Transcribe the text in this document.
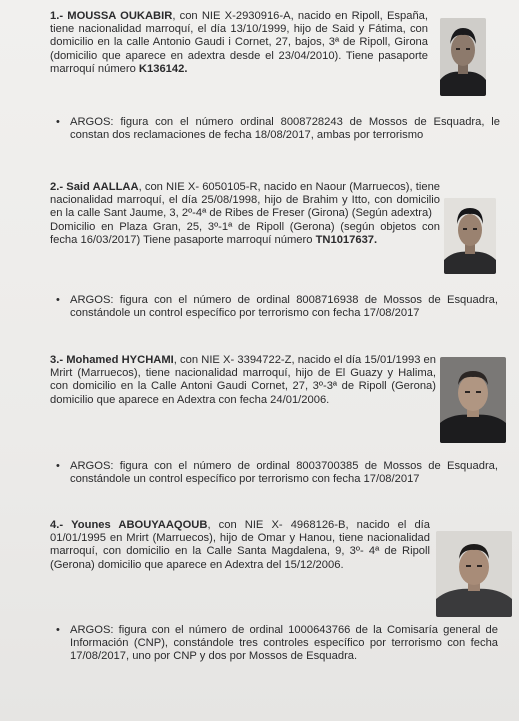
1.- MOUSSA OUKABIR, con NIE X-2930916-A, nacido en Ripoll, España, tiene nacionalidad marroquí, el día 13/10/1999, hijo de Said y Fátima, con domicilio en la calle Antonio Gaudi i Cornet, 27, bajos, 3ª de Ripoll, Girona (domicilio que aparece en adextra desde el 23/04/2010). Tiene pasaporte marroquí número K136142.

• ARGOS: figura con el número ordinal 8008728243 de Mossos de Esquadra, le constan dos reclamaciones de fecha 18/08/2017, ambas por terrorismo

2.- Said AALLAA, con NIE X- 6050105-R, nacido en Naour (Marruecos), tiene nacionalidad marroquí, el día 25/08/1998, hijo de Brahim y Itto, con domicilio en la calle Sant Jaume, 3, 2º-4ª de Ribes de Freser (Girona) (Según adextra)
Domicilio en Plaza Gran, 25, 3º-1ª de Ripoll (Gerona) (según objetos con fecha 16/03/2017) Tiene pasaporte marroquí número TN1017637.

• ARGOS: figura con el número de ordinal 8008716938 de Mossos de Esquadra, constándole un control específico por terrorismo con fecha 17/08/2017

3.- Mohamed HYCHAMI, con NIE X- 3394722-Z, nacido el día 15/01/1993 en Mrirt (Marruecos), tiene nacionalidad marroquí, hijo de El Guazy y Halima, con domicilio en la Calle Antoni Gaudi Cornet, 27, 3º-3ª de Ripoll (Gerona) domicilio que aparece en Adextra con fecha 24/01/2006.

• ARGOS: figura con el número de ordinal 8003700385 de Mossos de Esquadra, constándole un control específico por terrorismo con fecha 17/08/2017

4.- Younes ABOUYAAQOUB, con NIE X- 4968126-B, nacido el día 01/01/1995 en Mrirt (Marruecos), hijo de Omar y Hanou, tiene nacionalidad marroquí, con domicilio en la Calle Santa Magdalena, 9, 3º- 4ª de Ripoll (Gerona) domicilio que aparece en Adextra del 15/12/2006.

• ARGOS: figura con el número de ordinal 1000643766 de la Comisaría general de Información (CNP), constándole tres controles específico por terrorismo con fecha 17/08/2017, uno por CNP y dos por Mossos de Esquadra.
